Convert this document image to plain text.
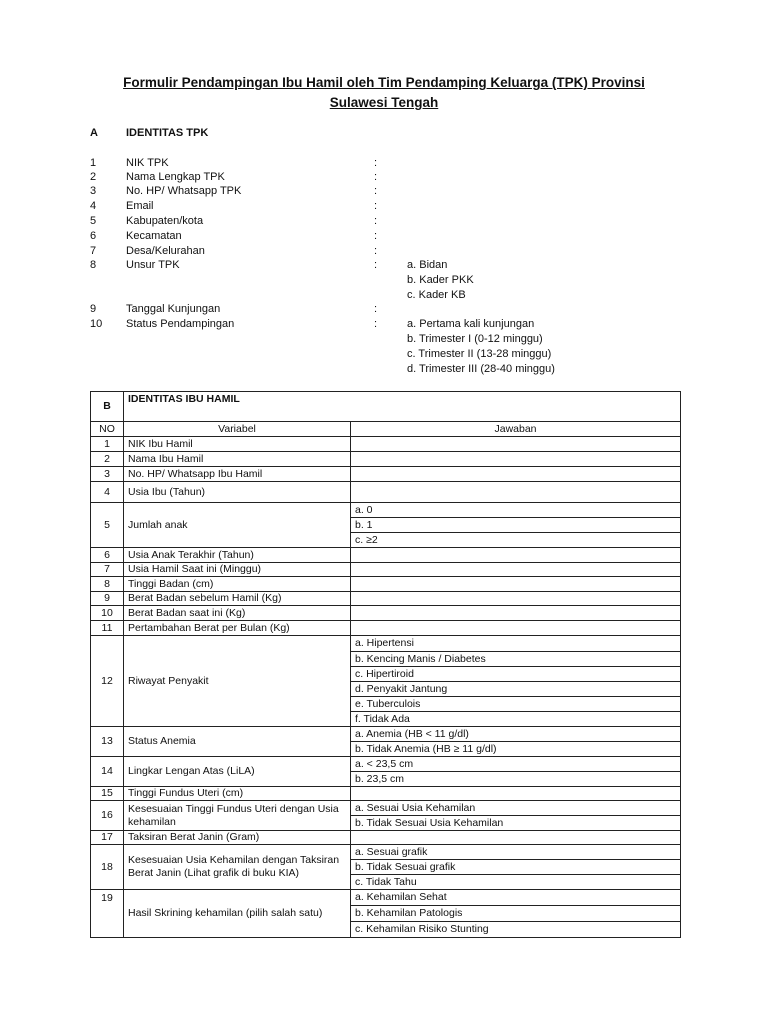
Formulir Pendampingan Ibu Hamil oleh Tim Pendamping Keluarga (TPK) Provinsi
Sulawesi Tengah
A	IDENTITAS TPK
1	NIK TPK	:
2	Nama Lengkap TPK	:
3	No. HP/ Whatsapp TPK	:
4	Email	:
5	Kabupaten/kota	:
6	Kecamatan	:
7	Desa/Kelurahan	:
8	Unsur TPK	:	a. Bidan
b. Kader PKK
c. Kader KB
9	Tanggal Kunjungan	:
10	Status Pendampingan	:	a. Pertama kali kunjungan
b. Trimester I (0-12 minggu)
c. Trimester II (13-28 minggu)
d. Trimester III (28-40 minggu)
B	IDENTITAS IBU HAMIL	
NO	Variabel	Jawaban
1	NIK Ibu Hamil	
2	Nama Ibu Hamil	
3	No. HP/ Whatsapp Ibu Hamil	
4	Usia Ibu (Tahun)	
5	Jumlah anak	a. 0
		b. 1
		c. ≥2
6	Usia Anak Terakhir (Tahun)	
7	Usia Hamil Saat ini (Minggu)	
8	Tinggi Badan (cm)	
9	Berat Badan sebelum Hamil (Kg)	
10	Berat Badan saat ini (Kg)	
11	Pertambahan Berat per Bulan (Kg)	
12	Riwayat Penyakit	a. Hipertensi
		b. Kencing Manis / Diabetes
		c. Hipertiroid
		d. Penyakit Jantung
		e. Tuberculois
		f. Tidak Ada
13	Status Anemia	a. Anemia (HB < 11 g/dl)
		b. Tidak Anemia (HB ≥ 11 g/dl)
14	Lingkar Lengan Atas (LiLA)	a. < 23,5 cm
		b. 23,5 cm
15	Tinggi Fundus Uteri (cm)	
16	Kesesuaian Tinggi Fundus Uteri dengan Usia kehamilan	a. Sesuai Usia Kehamilan
		b. Tidak Sesuai Usia Kehamilan
17	Taksiran Berat Janin (Gram)	
18	Kesesuaian Usia Kehamilan dengan Taksiran Berat Janin (Lihat grafik di buku KIA)	a. Sesuai grafik
		b. Tidak Sesuai grafik
		c. Tidak Tahu
19	Hasil Skrining kehamilan (pilih salah satu)	a. Kehamilan Sehat
		b. Kehamilan Patologis
		c. Kehamilan Risiko Stunting
